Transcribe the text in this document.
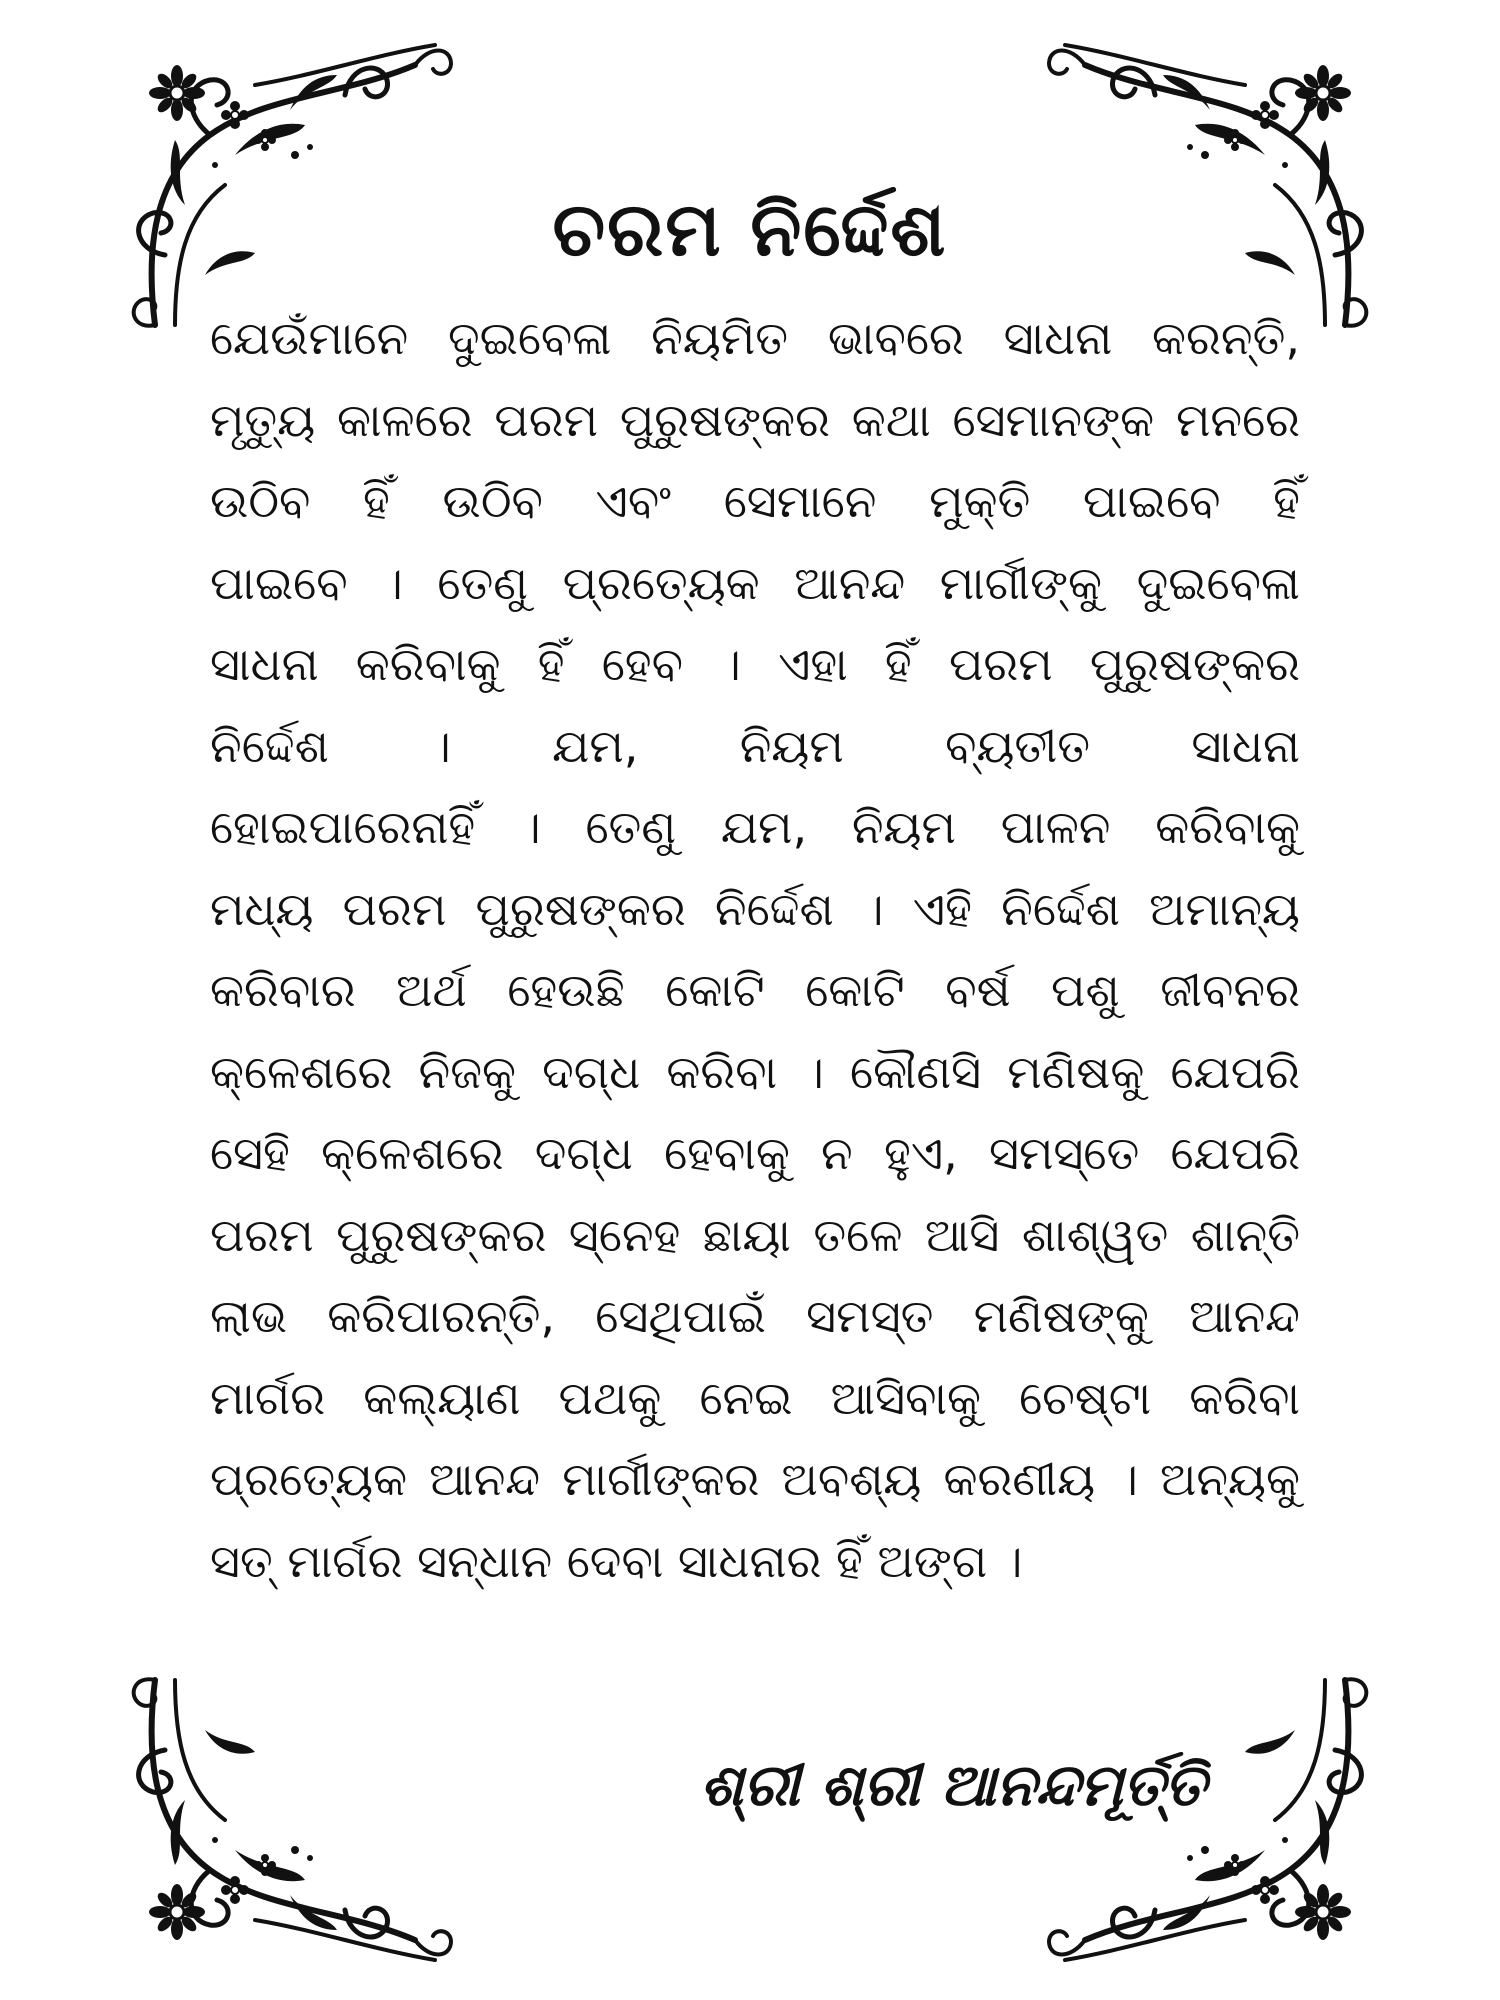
ଚରମ ନିର୍ଦ୍ଦେଶ
ଯେଉଁମାନେ ଦୁଇବେଳା ନିୟମିତ ଭାବରେ ସାଧନା କରନ୍ତି,
ମୃତ୍ୟୁ କାଳରେ ପରମ ପୁରୁଷଙ୍କର କଥା ସେମାନଙ୍କ ମନରେ
ଉଠିବ ହିଁ ଉଠିବ ଏବଂ ସେମାନେ ମୁକ୍ତି ପାଇବେ ହିଁ
ପାଇବେ । ତେଣୁ ପ୍ରତ୍ୟେକ ଆନନ୍ଦ ମାର୍ଗୀଙ୍କୁ ଦୁଇବେଳା
ସାଧନା କରିବାକୁ ହିଁ ହେବ । ଏହା ହିଁ ପରମ ପୁରୁଷଙ୍କର
ନିର୍ଦ୍ଦେଶ । ଯମ, ନିୟମ ବ୍ୟତୀତ ସାଧନା
ହୋଇପାରେନାହିଁ । ତେଣୁ ଯମ, ନିୟମ ପାଳନ କରିବାକୁ
ମଧ୍ୟ ପରମ ପୁରୁଷଙ୍କର ନିର୍ଦ୍ଦେଶ । ଏହି ନିର୍ଦ୍ଦେଶ ଅମାନ୍ୟ
କରିବାର ଅର୍ଥ ହେଉଛି କୋଟି କୋଟି ବର୍ଷ ପଶୁ ଜୀବନର
କ୍ଳେଶରେ ନିଜକୁ ଦଗ୍ଧ କରିବା । କୌଣସି ମଣିଷକୁ ଯେପରି
ସେହି କ୍ଳେଶରେ ଦଗ୍ଧ ହେବାକୁ ନ ହୁଏ, ସମସ୍ତେ ଯେପରି
ପରମ ପୁରୁଷଙ୍କର ସ୍ନେହ ଛାୟା ତଳେ ଆସି ଶାଶ୍ୱତ ଶାନ୍ତି
ଲାଭ କରିପାରନ୍ତି, ସେଥିପାଇଁ ସମସ୍ତ ମଣିଷଙ୍କୁ ଆନନ୍ଦ
ମାର୍ଗର କଲ୍ୟାଣ ପଥକୁ ନେଇ ଆସିବାକୁ ଚେଷ୍ଟା କରିବା
ପ୍ରତ୍ୟେକ ଆନନ୍ଦ ମାର୍ଗୀଙ୍କର ଅବଶ୍ୟ କରଣୀୟ । ଅନ୍ୟକୁ
ସତ୍ ମାର୍ଗର ସନ୍ଧାନ ଦେବା ସାଧନାର ହିଁ ଅଙ୍ଗ ।
ଶ୍ରୀ ଶ୍ରୀ ଆନନ୍ଦମୂର୍ତ୍ତି
